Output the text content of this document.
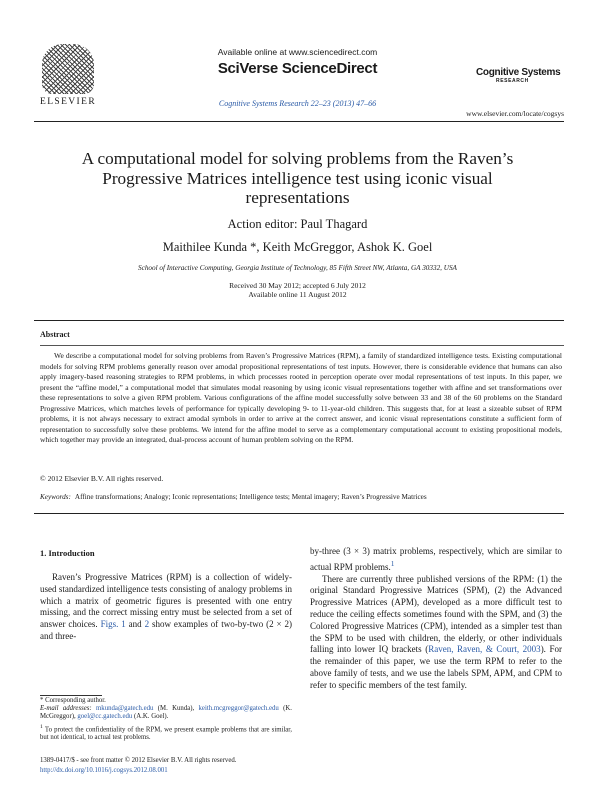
ELSEVIER
Available online at www.sciencedirect.com
SciVerse ScienceDirect
Cognitive Systems Research 22–23 (2013) 47–66
Cognitive Systems
RESEARCH
www.elsevier.com/locate/cogsys
A computational model for solving problems from the Raven’s Progressive Matrices intelligence test using iconic visual representations
Action editor: Paul Thagard
Maithilee Kunda *, Keith McGreggor, Ashok K. Goel
School of Interactive Computing, Georgia Institute of Technology, 85 Fifth Street NW, Atlanta, GA 30332, USA
Received 30 May 2012; accepted 6 July 2012
Available online 11 August 2012
Abstract
We describe a computational model for solving problems from Raven’s Progressive Matrices (RPM), a family of standardized intelligence tests. Existing computational models for solving RPM problems generally reason over amodal propositional representations of test inputs. However, there is considerable evidence that humans can also apply imagery-based reasoning strategies to RPM problems, in which processes rooted in perception operate over modal representations of test inputs. In this paper, we present the “affine model,” a computational model that simulates modal reasoning by using iconic visual representations together with affine and set transformations over these representations to solve a given RPM problem. Various configurations of the affine model successfully solve between 33 and 38 of the 60 problems on the Standard Progressive Matrices, which matches levels of performance for typically developing 9- to 11-year-old children. This suggests that, for at least a sizeable subset of RPM problems, it is not always necessary to extract amodal symbols in order to arrive at the correct answer, and iconic visual representations constitute a sufficient form of representation to successfully solve these problems. We intend for the affine model to serve as a complementary computational account to existing propositional models, which together may provide an integrated, dual-process account of human problem solving on the RPM.
© 2012 Elsevier B.V. All rights reserved.
Keywords: Affine transformations; Analogy; Iconic representations; Intelligence tests; Mental imagery; Raven’s Progressive Matrices
1. Introduction
Raven’s Progressive Matrices (RPM) is a collection of widely-used standardized intelligence tests consisting of analogy problems in which a matrix of geometric figures is presented with one entry missing, and the correct missing entry must be selected from a set of answer choices. Figs. 1 and 2 show examples of two-by-two (2 × 2) and three-
* Corresponding author.
E-mail addresses: mkunda@gatech.edu (M. Kunda), keith.mcgreggor@gatech.edu (K. McGreggor), goel@cc.gatech.edu (A.K. Goel).
$^1$ To protect the confidentiality of the RPM, we present example problems that are similar, but not identical, to actual test problems.
1389-0417/$ - see front matter © 2012 Elsevier B.V. All rights reserved.
http://dx.doi.org/10.1016/j.cogsys.2012.08.001

by-three (3 × 3) matrix problems, respectively, which are similar to actual RPM problems.$^1$

There are currently three published versions of the RPM: (1) the original Standard Progressive Matrices (SPM), (2) the Advanced Progressive Matrices (APM), developed as a more difficult test to reduce the ceiling effects sometimes found with the SPM, and (3) the Colored Progressive Matrices (CPM), intended as a simpler test than the SPM to be used with children, the elderly, or other individuals falling into lower IQ brackets (Raven, Raven, & Court, 2003). For the remainder of this paper, we use the term RPM to refer to the above family of tests, and we use the labels SPM, APM, and CPM to refer to specific members of the test family.
